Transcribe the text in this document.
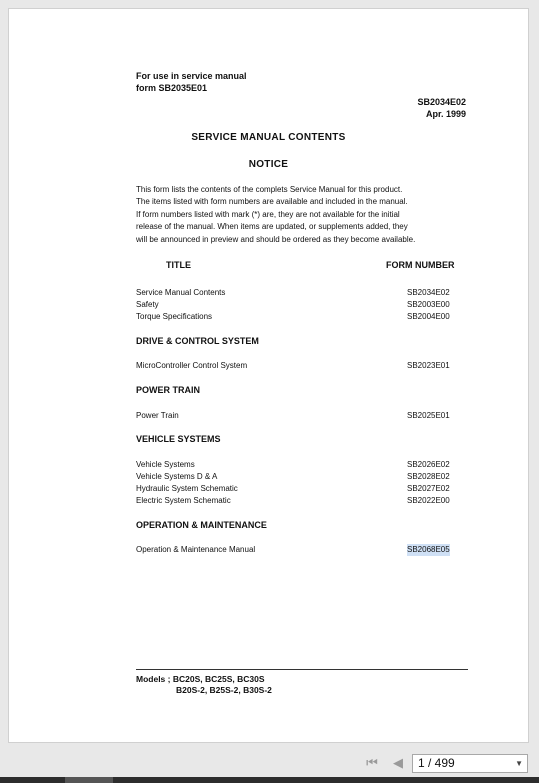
For use in service manual
form SB2035E01
SB2034E02
Apr. 1999
SERVICE MANUAL CONTENTS
NOTICE
This form lists the contents of the complets Service Manual for this product.
The items listed with form numbers are available and included in the manual.
If form numbers listed with mark (*) are, they are not available for the initial
release of the manual. When items are updated, or supplements added, they
will be announced in preview and should be ordered as they become available.
TITLE	FORM NUMBER
Service Manual Contents	SB2034E02
Safety	SB2003E00
Torque Specifications	SB2004E00
DRIVE & CONTROL SYSTEM
MicroController Control System	SB2023E01
POWER TRAIN
Power Train	SB2025E01
VEHICLE SYSTEMS
Vehicle Systems	SB2026E02
Vehicle Systems D & A	SB2028E02
Hydraulic System Schematic	SB2027E02
Electric System Schematic	SB2022E00
OPERATION & MAINTENANCE
Operation & Maintenance Manual	SB2068E05
Models ; BC20S, BC25S, BC30S
B20S-2, B25S-2, B30S-2
⏮ ◀	1 / 499	▼
